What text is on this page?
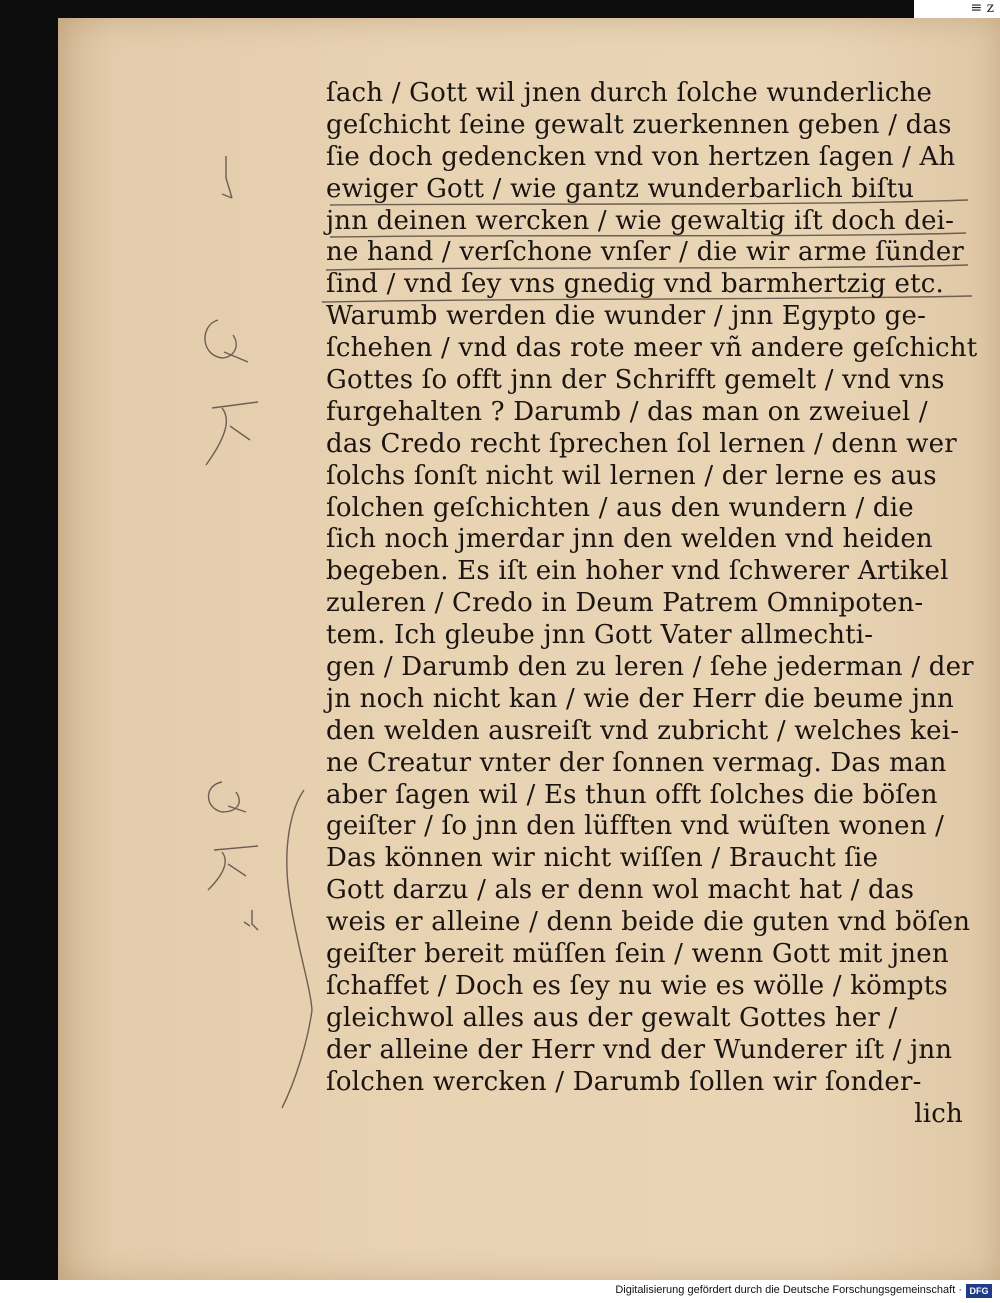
ſach / Gott wil jnen durch ſolche wunderliche
geſchicht ſeine gewalt zuerkennen geben / das
ſie doch gedencken vnd von hertzen ſagen / Ah
ewiger Gott / wie gantz wunderbarlich biſtu
jnn deinen wercken / wie gewaltig iſt doch dei-
ne hand / verſchone vnſer / die wir arme ſünder
ſind / vnd ſey vns gnedig vnd barmhertzig etc.
Warumb werden die wunder / jnn Egypto ge-
ſchehen / vnd das rote meer vñ andere geſchicht
Gottes ſo offt jnn der Schrifft gemelt / vnd vns
furgehalten ? Darumb / das man on zweiuel /
das Credo recht ſprechen ſol lernen / denn wer
ſolchs ſonſt nicht wil lernen / der lerne es aus
ſolchen geſchichten / aus den wundern / die
ſich noch jmerdar jnn den welden vnd heiden
begeben. Es iſt ein hoher vnd ſchwerer Artikel
zuleren / Credo in Deum Patrem Omnipoten-
tem. Ich gleube jnn Gott Vater allmechti-
gen / Darumb den zu leren / ſehe jederman / der
jn noch nicht kan / wie der Herr die beume jnn
den welden ausreiſt vnd zubricht / welches kei-
ne Creatur vnter der ſonnen vermag. Das man
aber ſagen wil / Es thun offt ſolches die böſen
geiſter / ſo jnn den lüfften vnd wüſten wonen /
Das können wir nicht wiſſen / Braucht ſie
Gott darzu / als er denn wol macht hat / das
weis er alleine / denn beide die guten vnd böſen
geiſter bereit müſſen ſein / wenn Gott mit jnen
ſchaffet / Doch es ſey nu wie es wölle / kömpts
gleichwol alles aus der gewalt Gottes her /
der alleine der Herr vnd der Wunderer iſt / jnn
ſolchen wercken / Darumb ſollen wir ſonder-
lich
≡ z
Digitalisierung gefördert durch die Deutsche Forschungsgemeinschaft · DFG
